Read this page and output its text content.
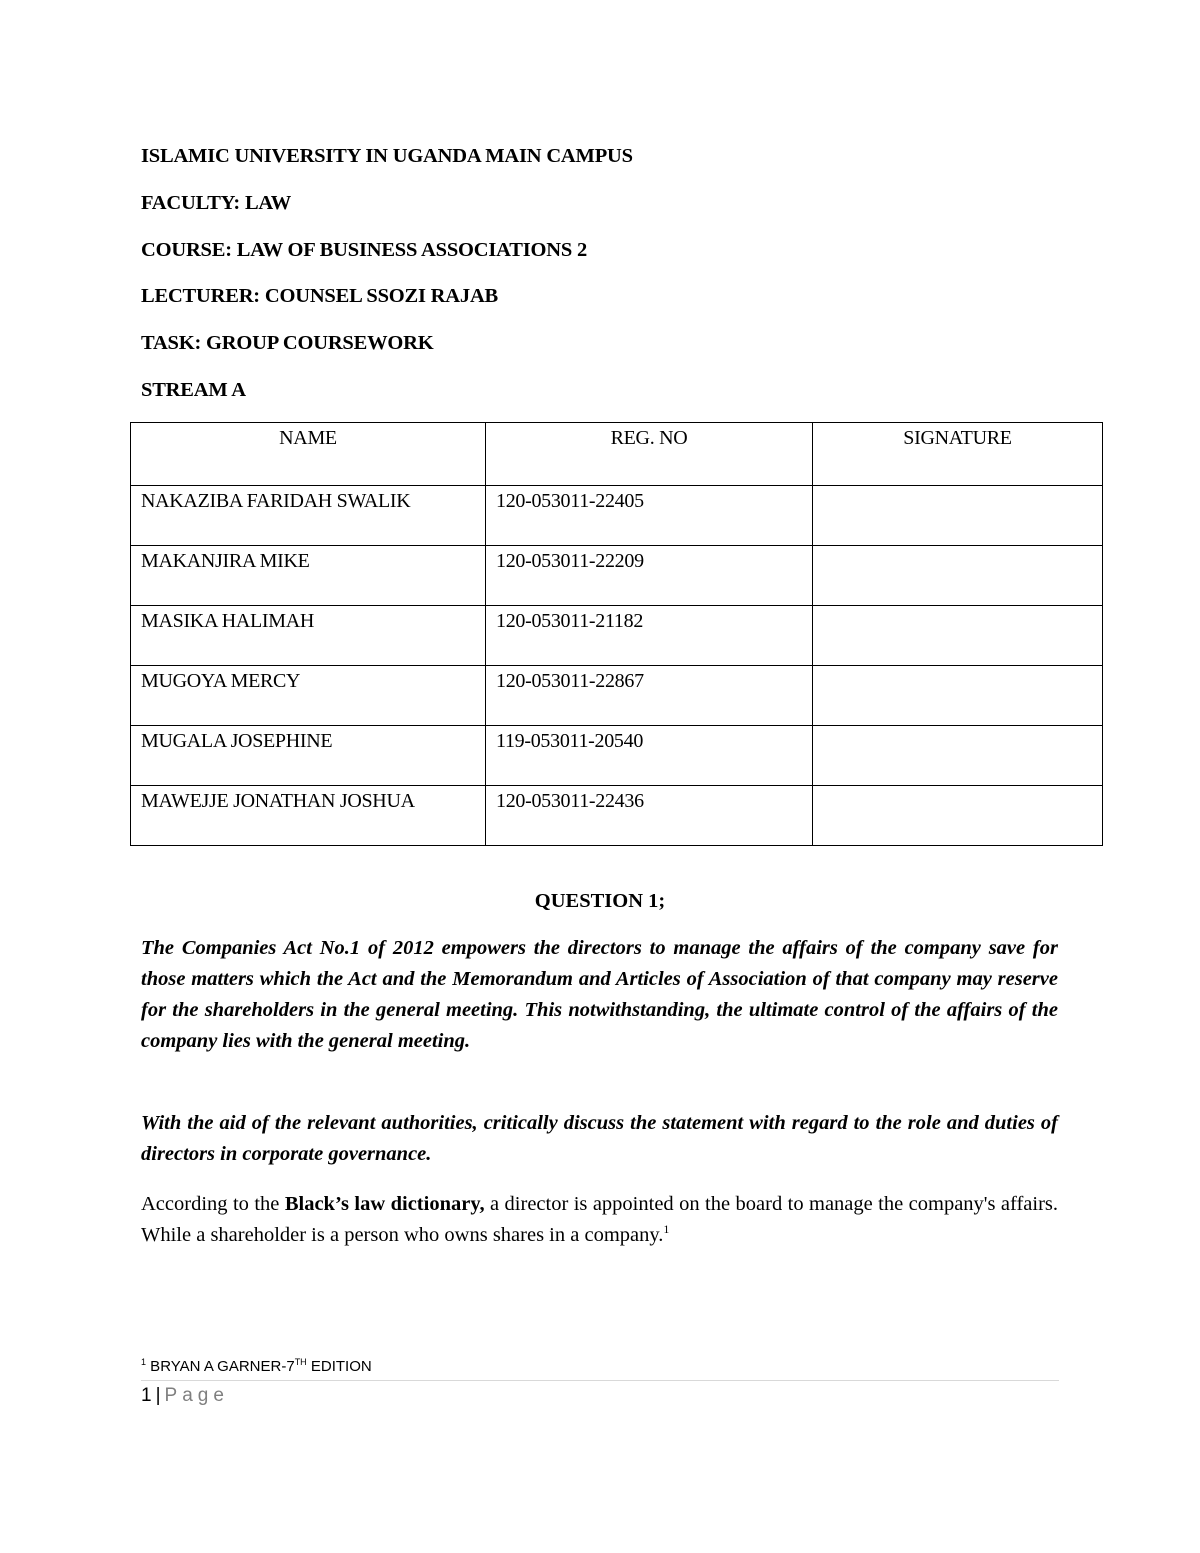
ISLAMIC UNIVERSITY IN UGANDA MAIN CAMPUS
FACULTY: LAW
COURSE: LAW OF BUSINESS ASSOCIATIONS 2
LECTURER: COUNSEL SSOZI RAJAB
TASK: GROUP COURSEWORK
STREAM A
NAME	REG. NO	SIGNATURE
NAKAZIBA FARIDAH SWALIK	120-053011-22405	
MAKANJIRA MIKE	120-053011-22209	
MASIKA HALIMAH	120-053011-21182	
MUGOYA MERCY	120-053011-22867	
MUGALA JOSEPHINE	119-053011-20540	
MAWEJJE JONATHAN JOSHUA	120-053011-22436	
QUESTION 1;

The Companies Act No.1 of 2012 empowers the directors to manage the affairs of the company save for those matters which the Act and the Memorandum and Articles of Association of that company may reserve for the shareholders in the general meeting. This notwithstanding, the ultimate control of the affairs of the company lies with the general meeting.

With the aid of the relevant authorities, critically discuss the statement with regard to the role and duties of directors in corporate governance.

According to the Black’s law dictionary, a director is appointed on the board to manage the company's affairs. While a shareholder is a person who owns shares in a company.$^1$

$^1$ BRYAN A GARNER-7TH EDITION
1 | Page
